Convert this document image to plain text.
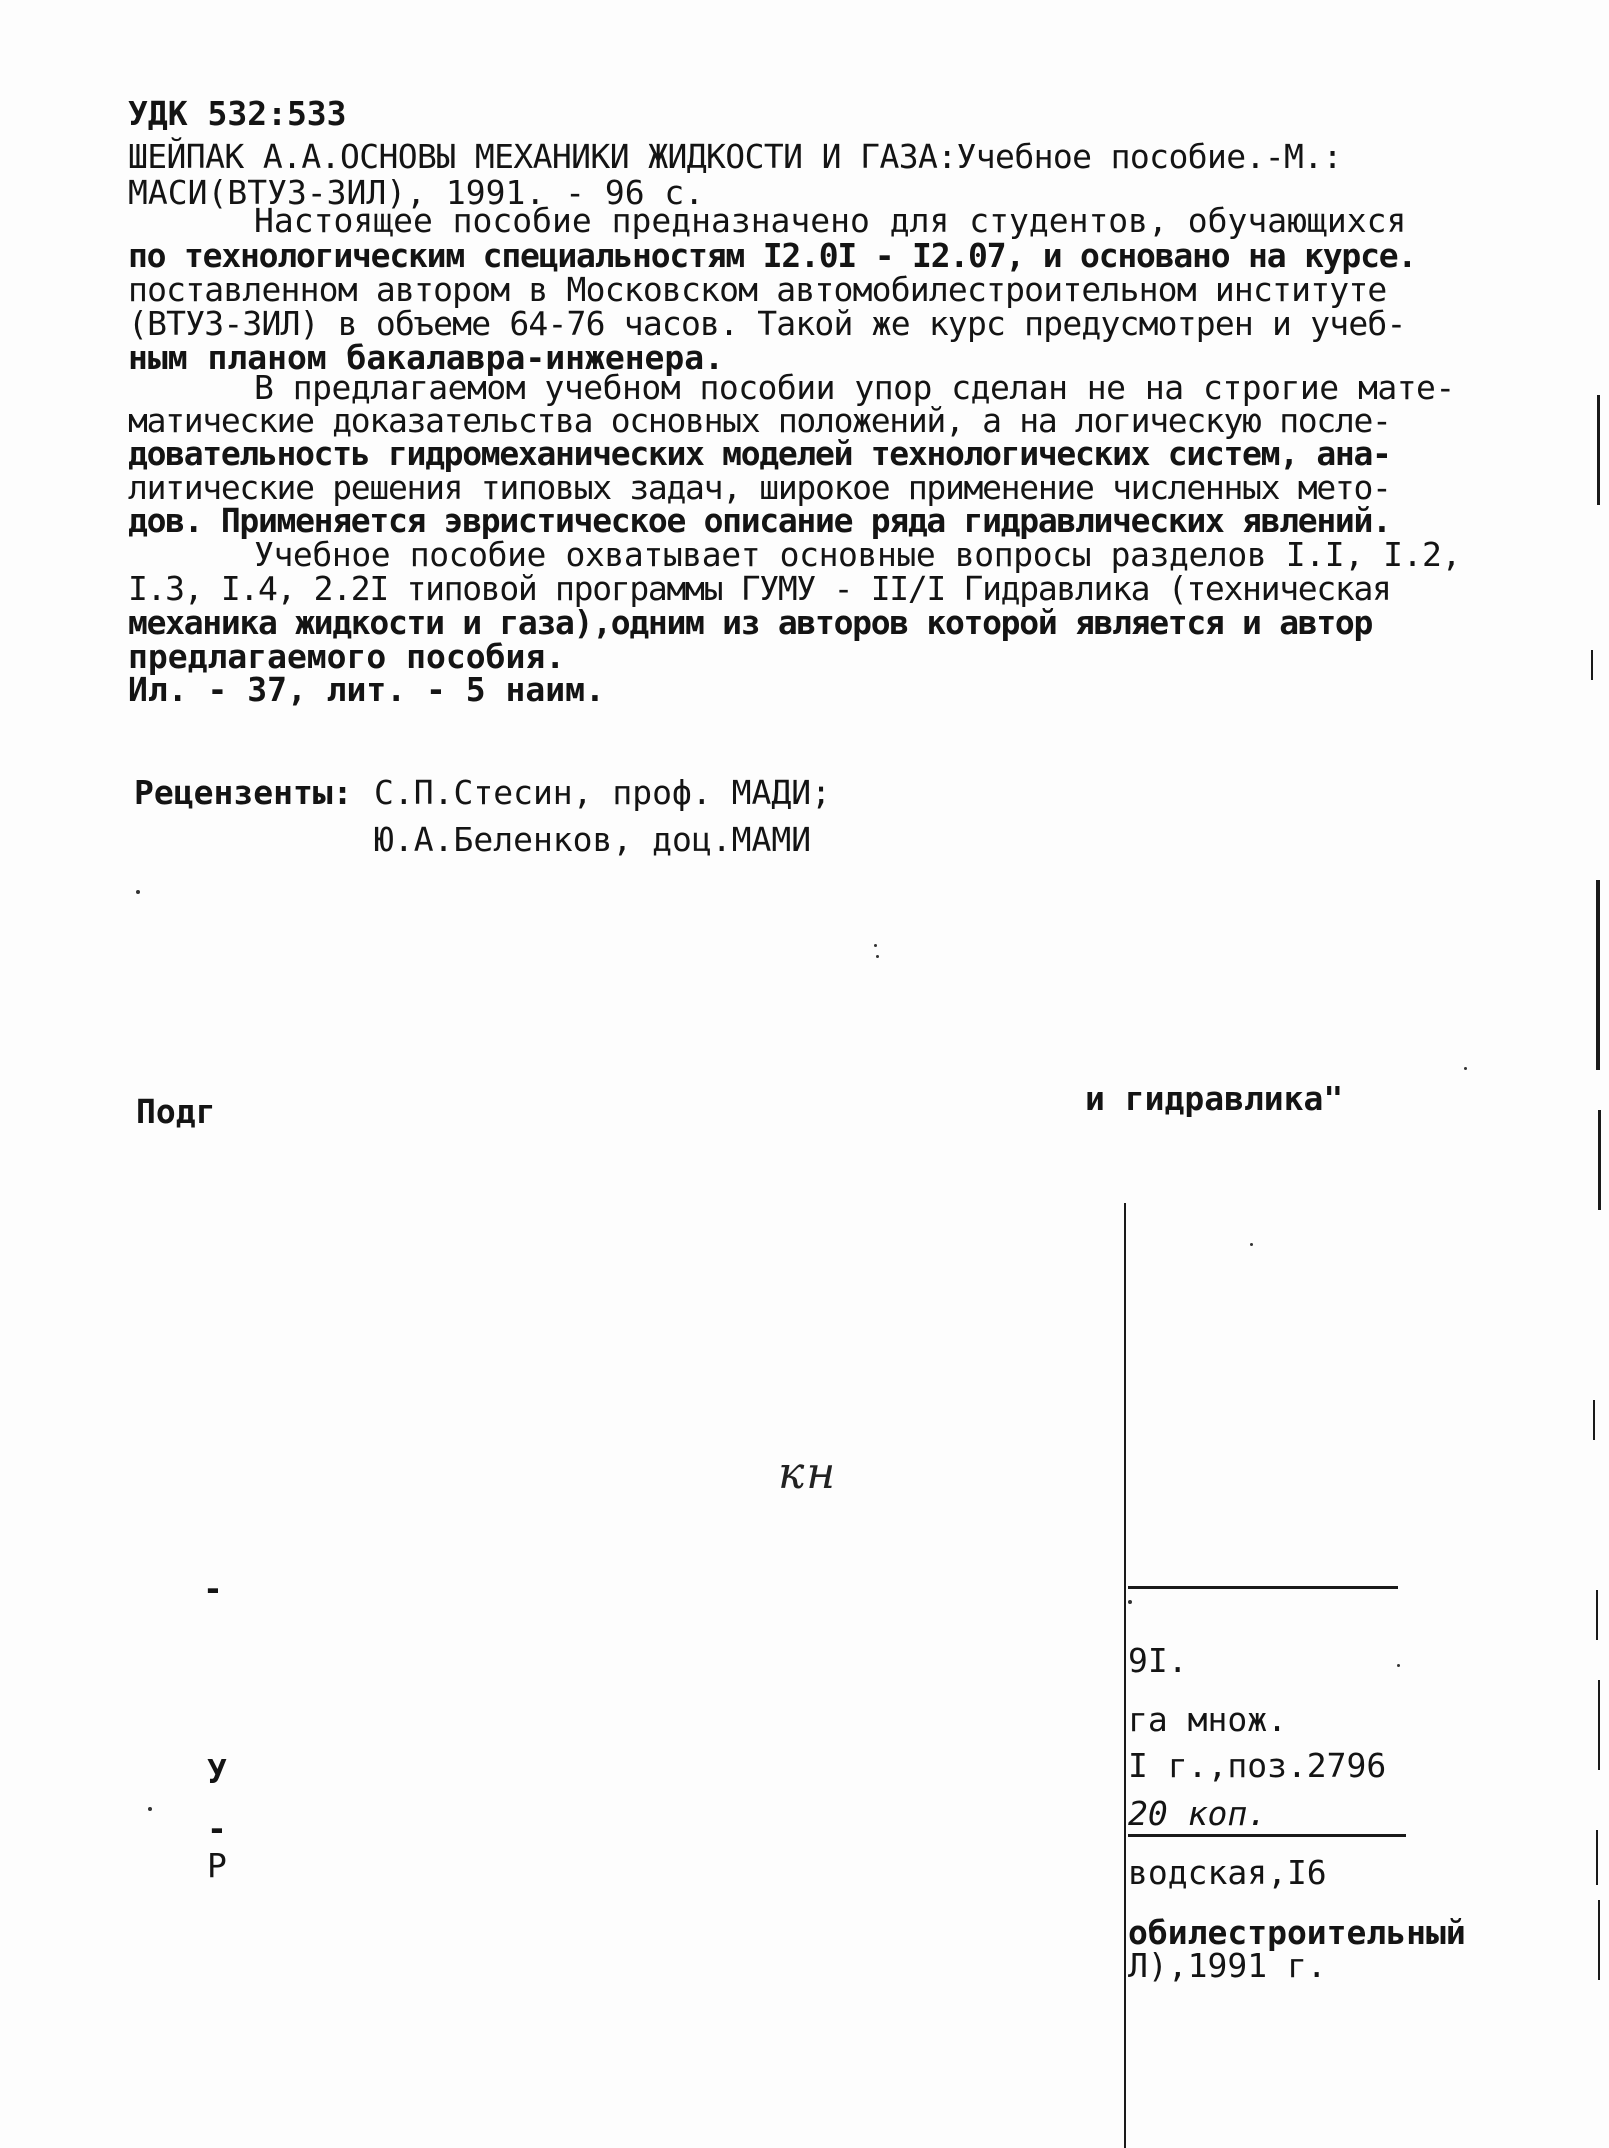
УДК 532:533
ШЕЙПАК А.А.ОСНОВЫ МЕХАНИКИ ЖИДКОСТИ И ГАЗА:Учебное пособие.-М.:
МАСИ(ВТУЗ-ЗИЛ), 1991. - 96 с.
Настоящее пособие предназначено для студентов, обучающихся
по технологическим специальностям I2.0I - I2.07, и основано на курсе.
поставленном автором в Московском автомобилестроительном институте
(ВТУЗ-ЗИЛ) в объеме 64-76 часов. Такой же курс предусмотрен и учеб-
ным планом бакалавра-инженера.
В предлагаемом учебном пособии упор сделан не на строгие мате-
матические доказательства основных положений, а на логическую после-
довательность гидромеханических моделей технологических систем, ана-
литические решения типовых задач, широкое применение численных мето-
дов. Применяется эвристическое описание ряда гидравлических явлений.
Учебное пособие охватывает основные вопросы разделов I.I, I.2,
I.3, I.4, 2.2I типовой программы ГУМУ - II/I Гидравлика (техническая
механика жидкости и газа),одним из авторов которой является и автор
предлагаемого пособия.
Ил. - 37, лит. - 5 наим.
Рецензенты: С.П.Стесин, проф. МАДИ;
Ю.А.Беленков, доц.МАМИ
Подг	и гидравлика"
кн
-
У
-
Р
9I.
га множ.
I г.,поз.2796
20 коп.
водская,I6
обилестроительный
Л),1991 г.
